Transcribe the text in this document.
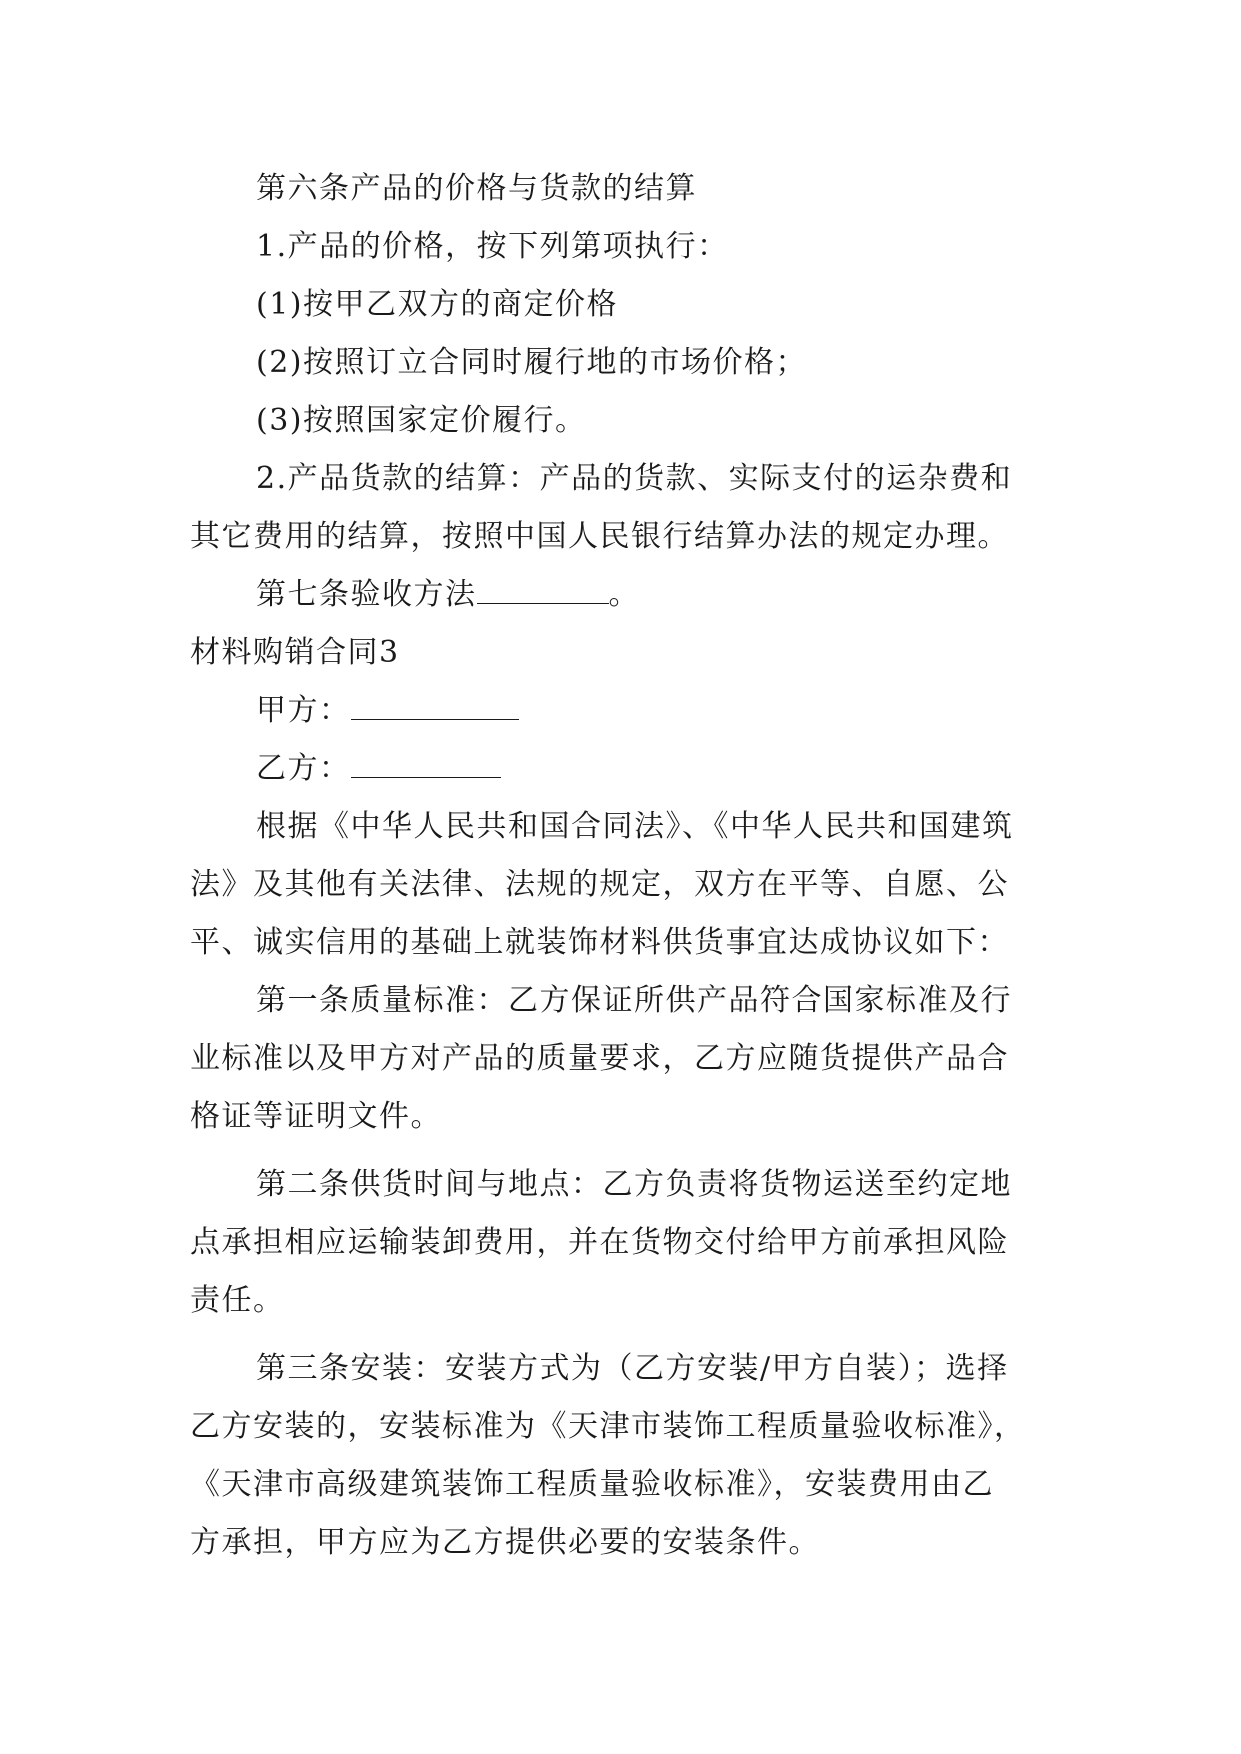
第六条产品的价格与货款的结算
1.产品的价格，按下列第项执行：
(1)按甲乙双方的商定价格
(2)按照订立合同时履行地的市场价格；
(3)按照国家定价履行。
2.产品货款的结算：产品的货款、实际支付的运杂费和
其它费用的结算，按照中国人民银行结算办法的规定办理。
第七条验收方法	。
材料购销合同3
甲方：
乙方：
根据《中华人民共和国合同法》、《中华人民共和国建筑
法》及其他有关法律、法规的规定，双方在平等、自愿、公
平、诚实信用的基础上就装饰材料供货事宜达成协议如下：
第一条质量标准：乙方保证所供产品符合国家标准及行
业标准以及甲方对产品的质量要求，乙方应随货提供产品合
格证等证明文件。
第二条供货时间与地点：乙方负责将货物运送至约定地
点承担相应运输装卸费用，并在货物交付给甲方前承担风险
责任。
第三条安装：安装方式为（乙方安装/甲方自装）；选择
乙方安装的，安装标准为《天津市装饰工程质量验收标准》，
《天津市高级建筑装饰工程质量验收标准》，安装费用由乙
方承担，甲方应为乙方提供必要的安装条件。
